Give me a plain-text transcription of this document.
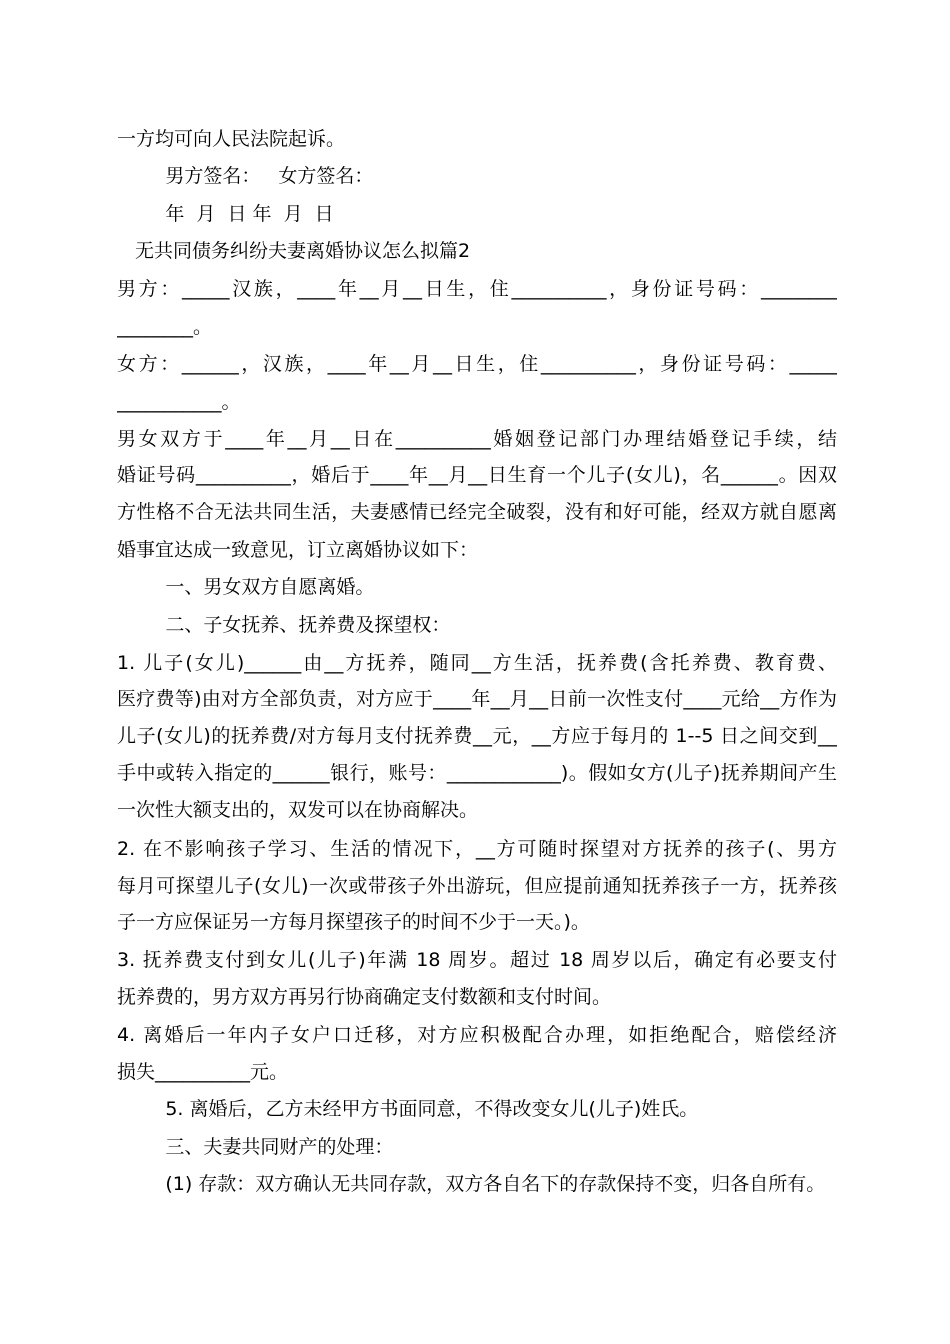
一方均可向人民法院起诉。
男方签名：   女方签名：
年  月  日 年  月  日
无共同债务纠纷夫妻离婚协议怎么拟篇2
男方：_____汉族，____年__月__日生，住__________，身份证号码：________
________。
女方：______，汉族，____年__月__日生，住__________，身份证号码：_____
___________。
男女双方于____年__月__日在__________婚姻登记部门办理结婚登记手续，结
婚证号码__________，婚后于____年__月__日生育一个儿子(女儿)，名______。因双
方性格不合无法共同生活，夫妻感情已经完全破裂，没有和好可能，经双方就自愿离
婚事宜达成一致意见，订立离婚协议如下：
一、男女双方自愿离婚。
二、子女抚养、抚养费及探望权：
1. 儿子(女儿)______由__方抚养，随同__方生活，抚养费(含托养费、教育费、
医疗费等)由对方全部负责，对方应于____年__月__日前一次性支付____元给__方作为
儿子(女儿)的抚养费/对方每月支付抚养费__元，__方应于每月的 1--5 日之间交到__
手中或转入指定的______银行，账号：____________)。假如女方(儿子)抚养期间产生
一次性大额支出的，双发可以在协商解决。
2. 在不影响孩子学习、生活的情况下，__方可随时探望对方抚养的孩子(、男方
每月可探望儿子(女儿)一次或带孩子外出游玩，但应提前通知抚养孩子一方，抚养孩
子一方应保证另一方每月探望孩子的时间不少于一天。)。
3. 抚养费支付到女儿(儿子)年满 18 周岁。超过 18 周岁以后，确定有必要支付
抚养费的，男方双方再另行协商确定支付数额和支付时间。
4. 离婚后一年内子女户口迁移，对方应积极配合办理，如拒绝配合，赔偿经济
损失__________元。
5. 离婚后，乙方未经甲方书面同意，不得改变女儿(儿子)姓氏。
三、夫妻共同财产的处理：
(1) 存款：双方确认无共同存款，双方各自名下的存款保持不变，归各自所有。
